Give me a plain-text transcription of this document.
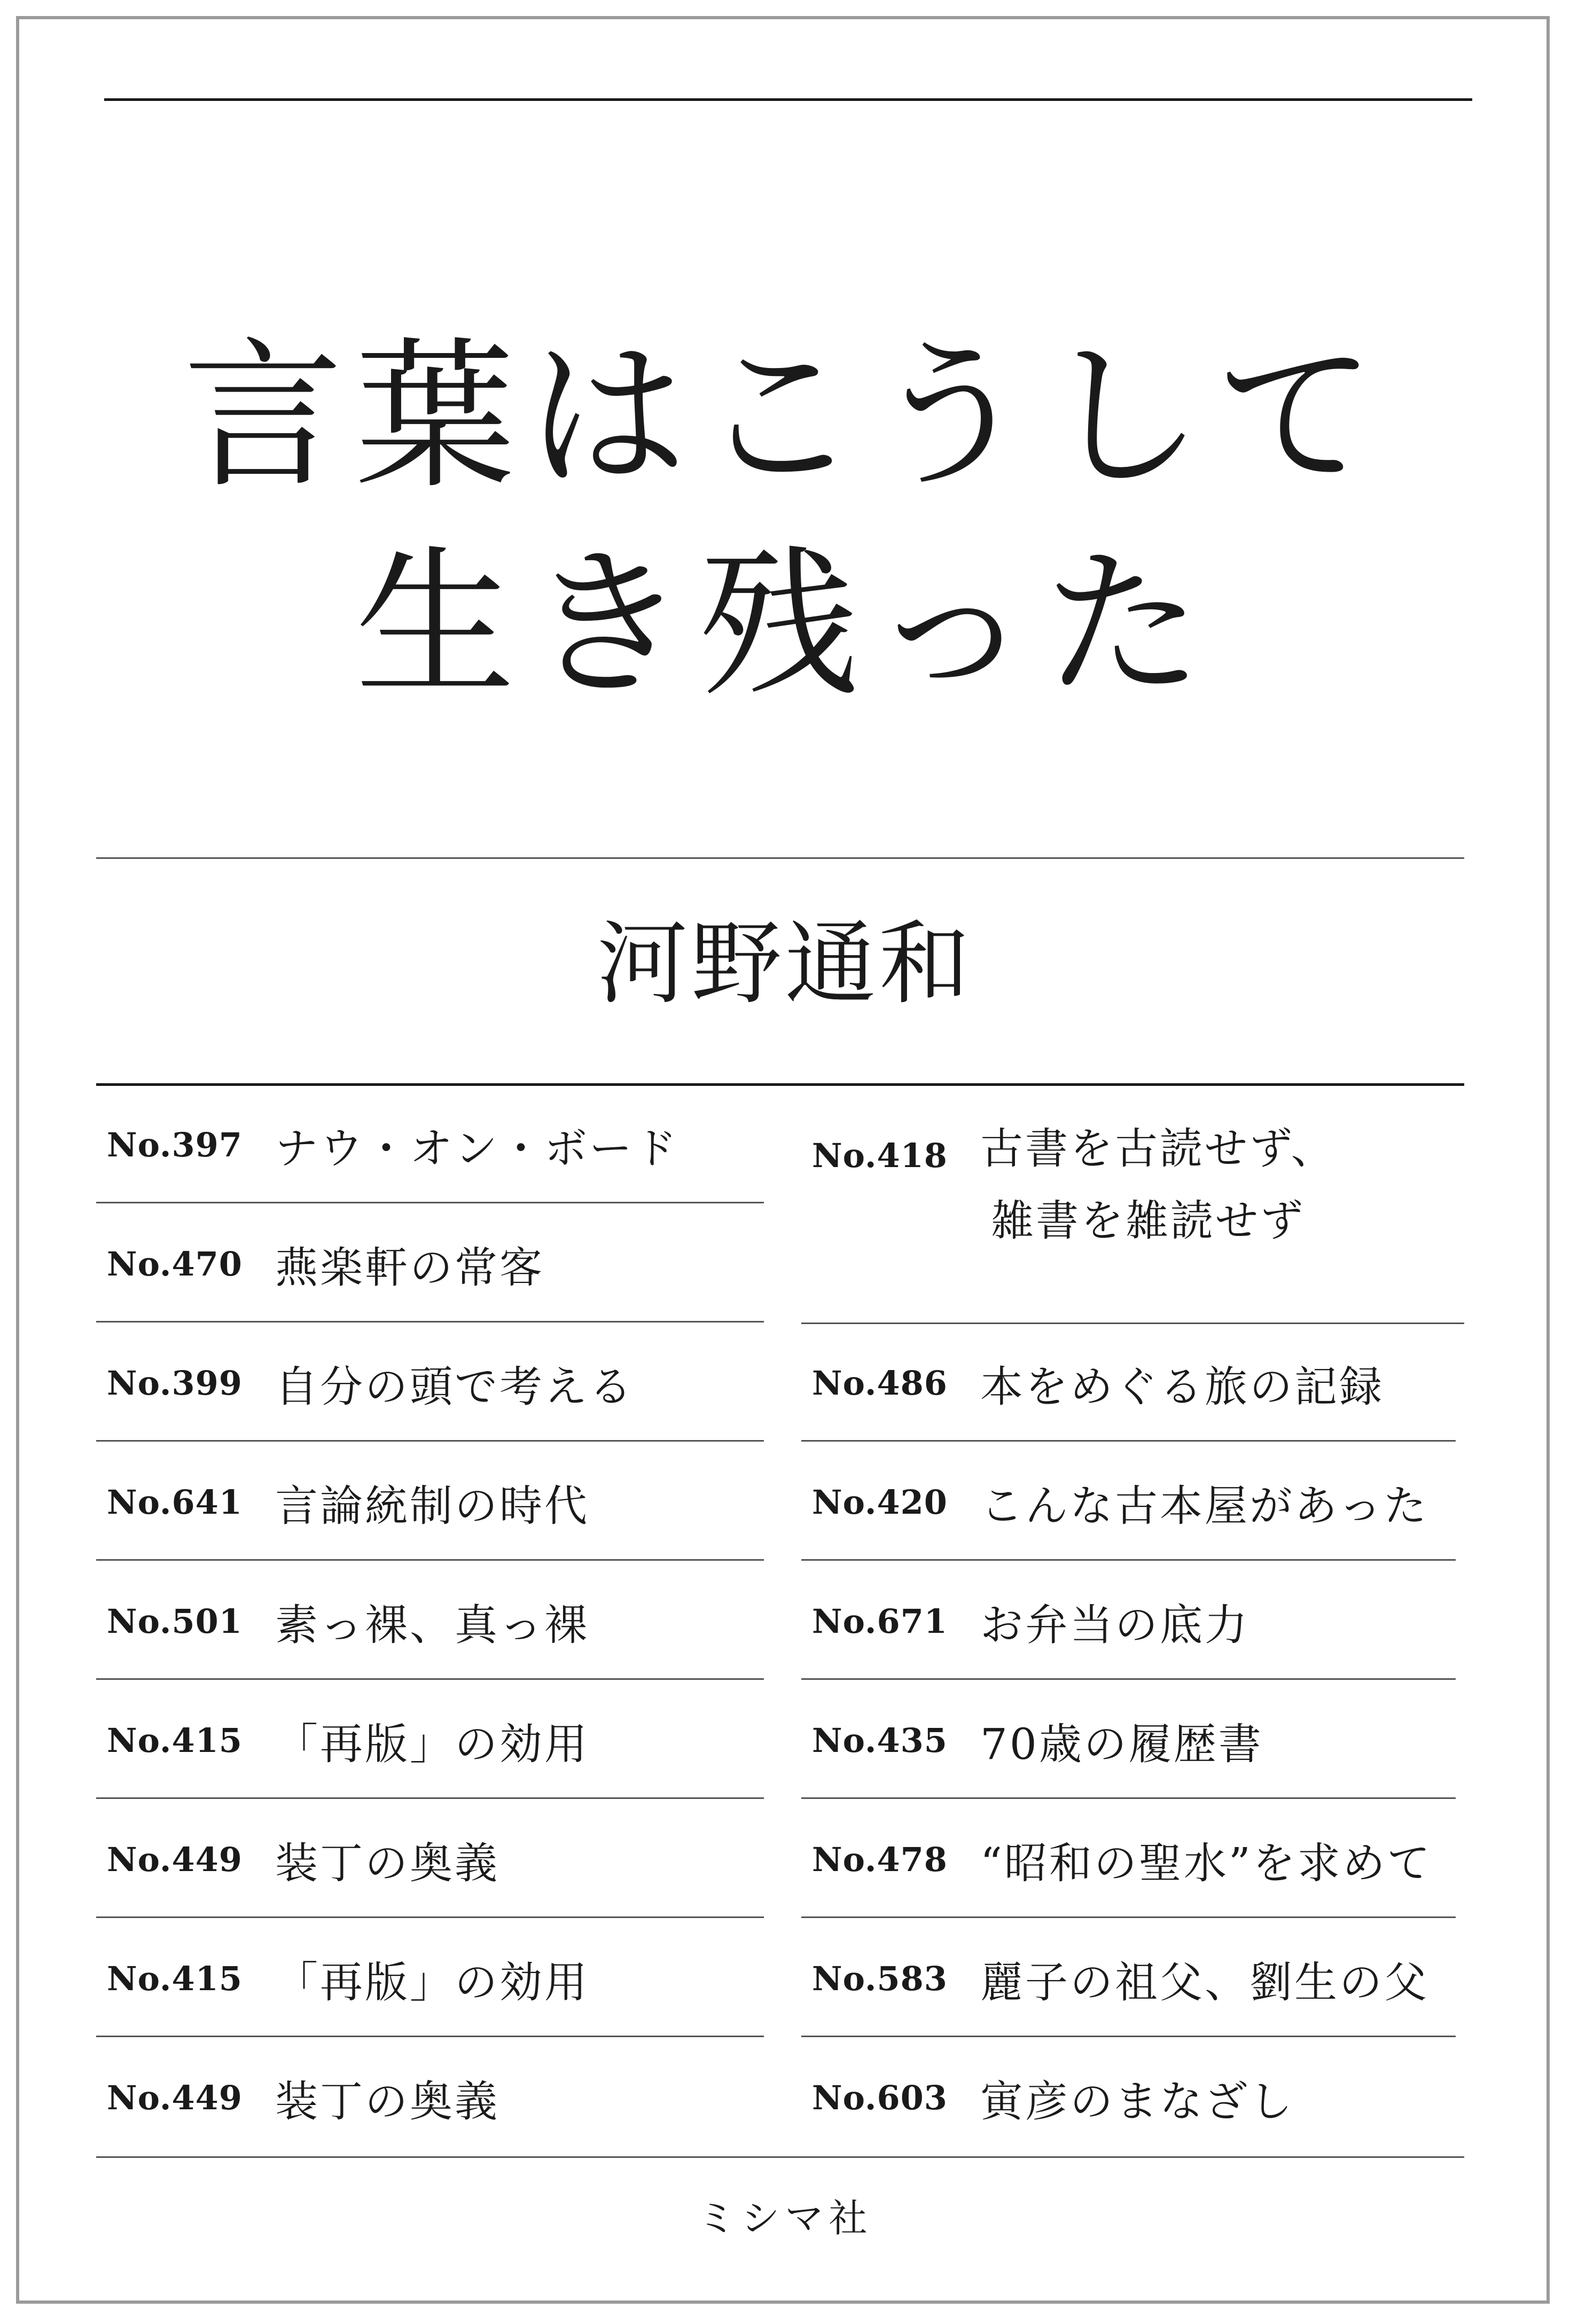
言葉はこうして
生き残った
河野通和
No.397 ナウ・オン・ボード
No.470 燕楽軒の常客
No.399 自分の頭で考える
No.641 言論統制の時代
No.501 素っ裸、真っ裸
No.415 「再版」の効用
No.449 装丁の奥義
No.415 「再版」の効用
No.449 装丁の奥義
No.418 古書を古読せず、
雑書を雑読せず
No.486 本をめぐる旅の記録
No.420 こんな古本屋があった
No.671 お弁当の底力
No.435 70歳の履歴書
No.478 “昭和の聖水”を求めて
No.583 麗子の祖父、劉生の父
No.603 寅彦のまなざし
ミシマ社
